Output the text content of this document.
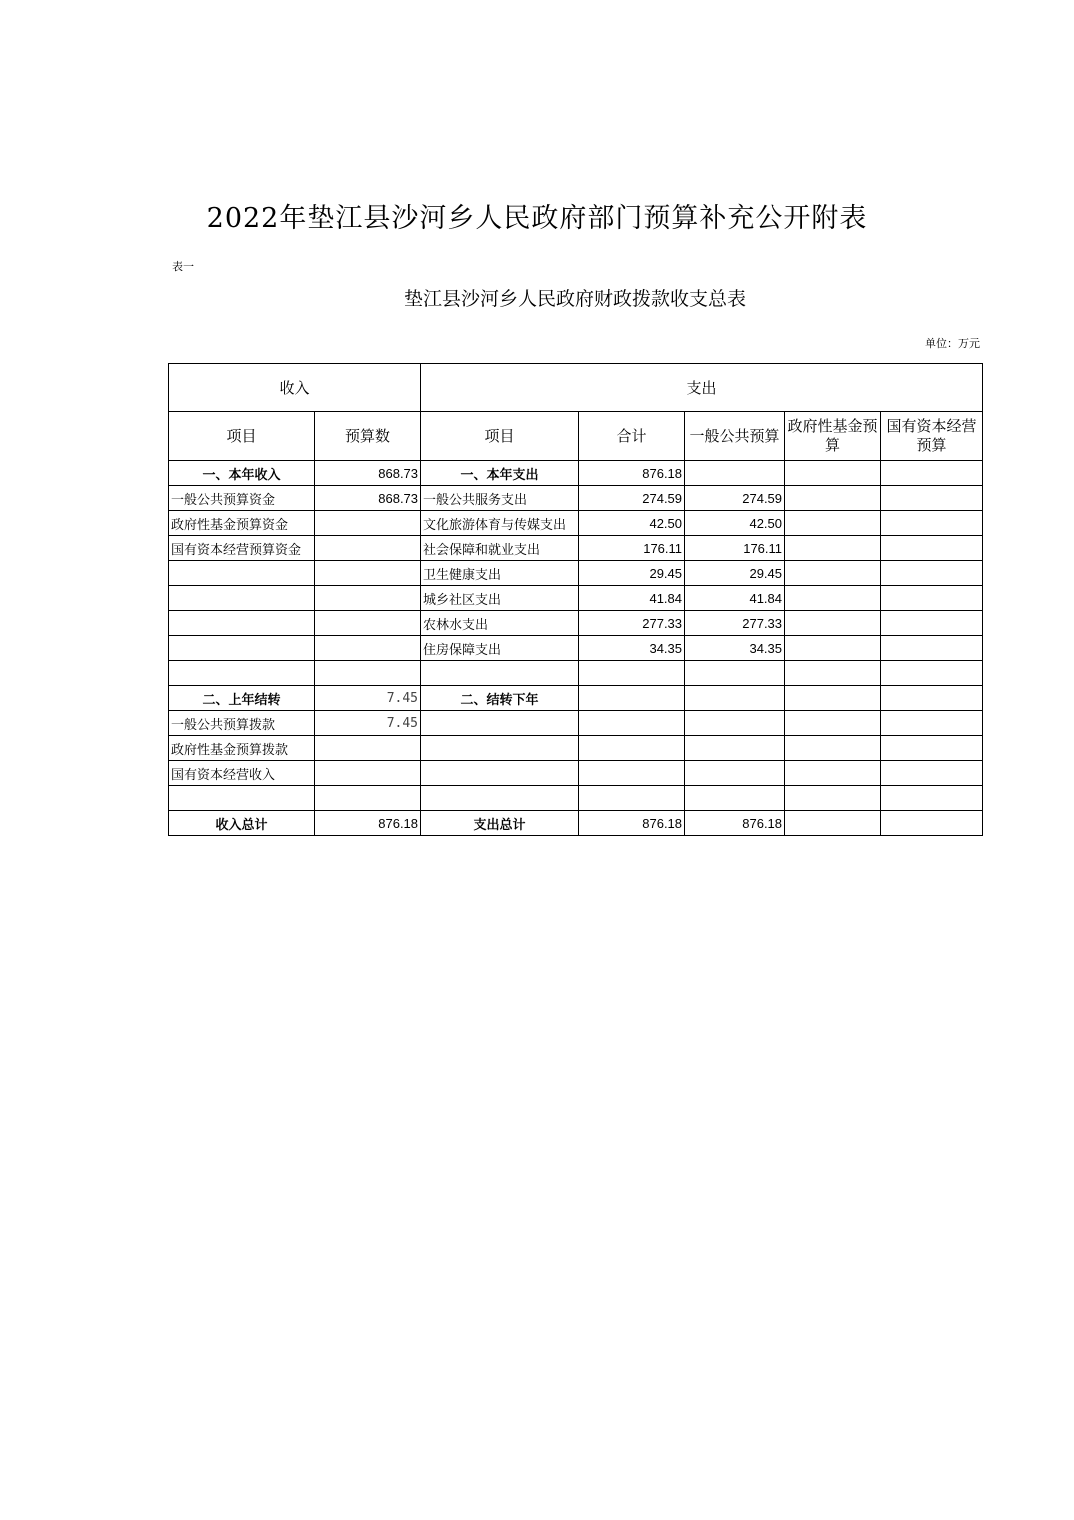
2022年垫江县沙河乡人民政府部门预算补充公开附表
表一
垫江县沙河乡人民政府财政拨款收支总表
单位：万元
收入		支出				
项目	预算数	项目	合计	一般公共预算	政府性基金预算	国有资本经营预算
一、本年收入	868.73	一、本年支出	876.18			
一般公共预算资金	868.73	一般公共服务支出	274.59	274.59		
政府性基金预算资金		文化旅游体育与传媒支出	42.50	42.50		
国有资本经营预算资金		社会保障和就业支出	176.11	176.11		
		卫生健康支出	29.45	29.45		
		城乡社区支出	41.84	41.84		
		农林水支出	277.33	277.33		
		住房保障支出	34.35	34.35		

二、上年结转	7.45	二、结转下年				
一般公共预算拨款	7.45					
政府性基金预算拨款						
国有资本经营收入						

收入总计	876.18	支出总计	876.18	876.18		
